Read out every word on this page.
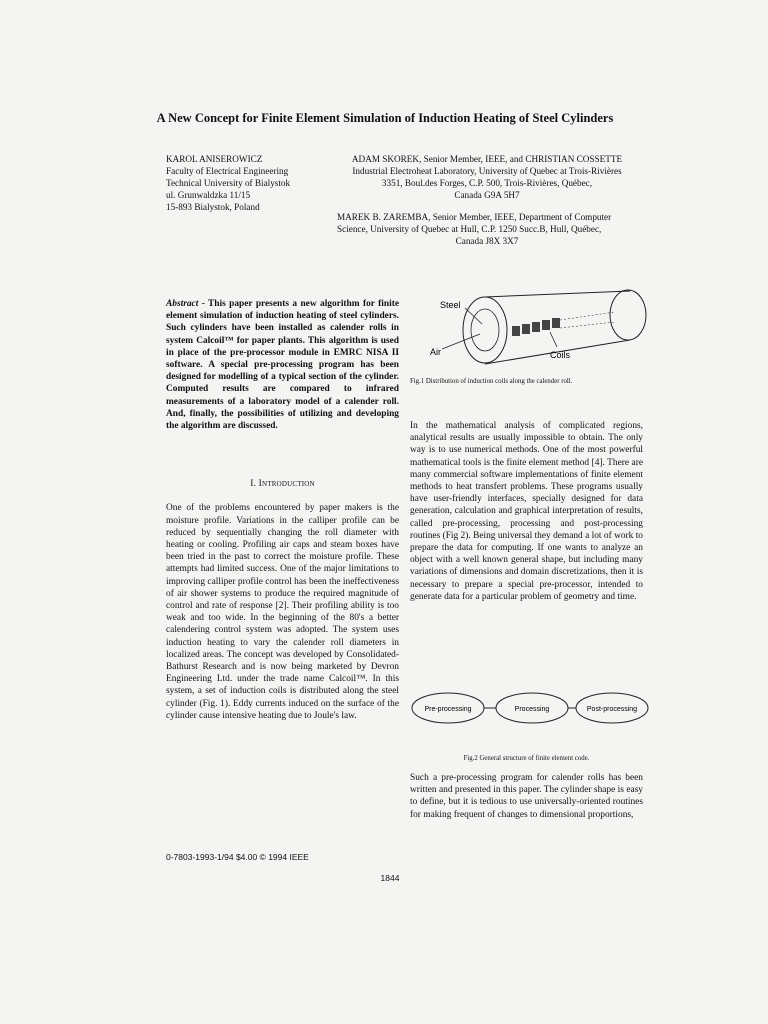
A New Concept for Finite Element Simulation of Induction Heating of Steel Cylinders
KAROL ANISEROWICZ
Faculty of Electrical Engineering
Technical University of Bialystok
ul. Grunwaldzka 11/15
15-893 Bialystok, Poland
ADAM SKOREK, Senior Member, IEEE, and CHRISTIAN COSSETTE
Industrial Electroheat Laboratory, University of Quebec at Trois-Rivières
3351, Boul.des Forges, C.P. 500, Trois-Rivières, Québec,
Canada G9A 5H7
MAREK B. ZAREMBA, Senior Member, IEEE, Department of Computer Science, University of Quebec at Hull, C.P. 1250 Succ.B, Hull, Québec,
Canada J8X 3X7

Abstract - This paper presents a new algorithm for finite element simulation of induction heating of steel cylinders. Such cylinders have been installed as calender rolls in system Calcoil™ for paper plants. This algorithm is used in place of the pre-processor module in EMRC NISA II software. A special pre-processing program has been designed for modelling of a typical section of the cylinder. Computed results are compared to infrared measurements of a laboratory model of a calender roll. And, finally, the possibilities of utilizing and developing the algorithm are discussed.

I. Introduction

One of the problems encountered by paper makers is the moisture profile. Variations in the calliper profile can be reduced by sequentially changing the roll diameter with heating or cooling. Profiling air caps and steam boxes have been tried in the past to correct the moisture profile. These attempts had limited success. One of the major limitations to improving calliper profile control has been the ineffectiveness of air shower systems to produce the required magnitude of control and rate of response [2]. Their profiling ability is too weak and too wide. In the beginning of the 80's a better calendering control system was adopted. The system uses induction heating to vary the calender roll diameters in localized areas. The concept was developed by Consolidated-Bathurst Research and is now being marketed by Devron Engineering Ltd. under the trade name Calcoil™. In this system, a set of induction coils is distributed along the steel cylinder (Fig. 1). Eddy currents induced on the surface of the cylinder cause intensive heating due to Joule's law.

Steel
Air	Coils
Fig.1 Distribution of induction coils along the calender roll.

In the mathematical analysis of complicated regions, analytical results are usually impossible to obtain. The only way is to use numerical methods. One of the most powerful mathematical tools is the finite element method [4]. There are many commercial software implementations of finite element methods to heat transfert problems. These programs usually have user-friendly interfaces, specially designed for data generation, calculation and graphical interpretation of results, called pre-processing, processing and post-processing routines (Fig 2). Being universal they demand a lot of work to prepare the data for computing. If one wants to analyze an object with a well known general shape, but including many variations of dimensions and domain discretizations, then it is necessary to prepare a special pre-processor, intended to generate data for a particular problem of geometry and time.

Pre-processing	Processing	Post-processing
Fig.2 General structure of finite element code.

Such a pre-processing program for calender rolls has been written and presented in this paper. The cylinder shape is easy to define, but it is tedious to use universally-oriented routines for making frequent of changes to dimensional proportions,

0-7803-1993-1/94 $4.00 © 1994 IEEE
1844
